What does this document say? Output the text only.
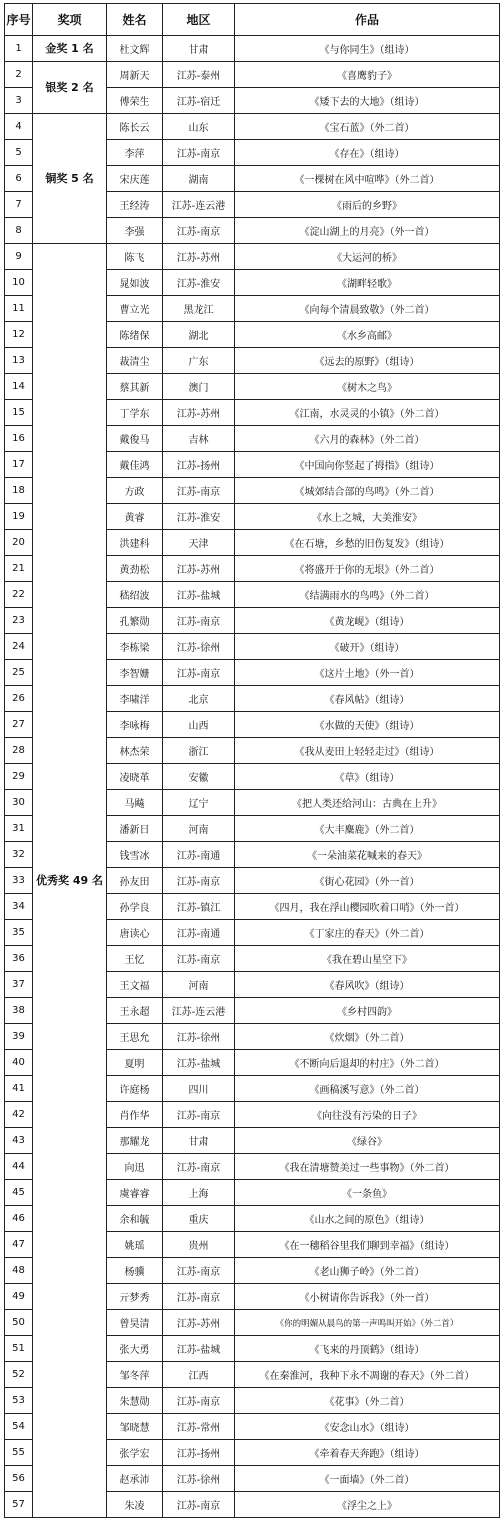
序号	奖项	姓名	地区	作品
1	金奖 1 名	杜文辉	甘肃	《与你同生》（组诗）
2	银奖 2 名	周新天	江苏-泰州	《喜鹰豹子》
3		傅荣生	江苏-宿迁	《矮下去的大地》（组诗）
4	铜奖 5 名	陈长云	山东	《宝石蓝》（外二首）
5		李萍	江苏-南京	《存在》（组诗）
6		宋庆莲	湖南	《一棵树在风中喧哗》（外二首）
7		王经涛	江苏-连云港	《雨后的乡野》
8		李强	江苏-南京	《淀山湖上的月亮》（外一首）
9	优秀奖 49 名	陈飞	江苏-苏州	《大运河的桥》
10		晁如波	江苏-淮安	《湖畔轻歌》
11		曹立光	黑龙江	《向每个清晨致敬》（外二首）
12		陈绪保	湖北	《水乡高邮》
13		裁清尘	广东	《远去的原野》（组诗）
14		蔡其新	澳门	《树木之鸟》
15		丁学东	江苏-苏州	《江南，水灵灵的小镇》（外二首）
16		戴俊马	吉林	《六月的森林》（外二首）
17		戴佳鸿	江苏-扬州	《中国向你竖起了拇指》（组诗）
18		方政	江苏-南京	《城郊结合部的鸟鸣》（外二首）
19		黄睿	江苏-淮安	《水上之城，大美淮安》
20		洪建科	天津	《在石塘，乡愁的旧伤复发》（组诗）
21		黄劲松	江苏-苏州	《将盛开于你的无垠》（外二首）
22		嵇绍波	江苏-盐城	《结满雨水的鸟鸣》（外二首）
23		孔繁勋	江苏-南京	《黄龙岘》（组诗）
24		李栋梁	江苏-徐州	《破开》（组诗）
25		李智姗	江苏-南京	《这片土地》（外一首）
26		李啸洋	北京	《春风帖》（组诗）
27		李咏梅	山西	《水做的天使》（组诗）
28		林杰荣	浙江	《我从麦田上轻轻走过》（组诗）
29		凌晓革	安徽	《草》（组诗）
30		马飚	辽宁	《把人类还给河山：古典在上升》
31		潘新日	河南	《大丰麋鹿》（外二首）
32		钱雪冰	江苏-南通	《一朵油菜花喊来的春天》
33		孙友田	江苏-南京	《街心花园》（外一首）
34		孙学良	江苏-镇江	《四月，我在浮山樱园吹着口哨》（外一首）
35		唐读心	江苏-南通	《丁家庄的春天》（外二首）
36		王忆	江苏-南京	《我在碧山星空下》
37		王文福	河南	《春风吹》（组诗）
38		王永超	江苏-连云港	《乡村四韵》
39		王思允	江苏-徐州	《炊烟》（外二首）
40		夏明	江苏-盐城	《不断向后退却的村庄》（外二首）
41		许庭杨	四川	《画稿溪写意》（外二首）
42		肖作华	江苏-南京	《向往没有污染的日子》
43		那耀龙	甘肃	《绿谷》
44		向迅	江苏-南京	《我在清塘赞美过一些事物》（外二首）
45		虞睿睿	上海	《一条鱼》
46		余和毓	重庆	《山水之间的原色》（组诗）
47		姚瑶	贵州	《在一穗稻谷里我们聊到幸福》（组诗）
48		杨骥	江苏-南京	《老山狮子岭》（外二首）
49		亓梦秀	江苏-南京	《小树请你告诉我》（外一首）
50		曾昊清	江苏-苏州	《你的明媚从晨鸟的第一声鸣叫开始》（外二首）
51		张大勇	江苏-盐城	《飞来的丹顶鹤》（组诗）
52		邹冬萍	江西	《在秦淮河，我种下永不凋谢的春天》（外二首）
53		朱慧勋	江苏-南京	《花事》（外二首）
54		邹晓慧	江苏-常州	《安念山水》（组诗）
55		张学宏	江苏-扬州	《牵着春天奔跑》（组诗）
56		赵承沛	江苏-徐州	《一面墙》（外二首）
57		朱凌	江苏-南京	《浮尘之上》
